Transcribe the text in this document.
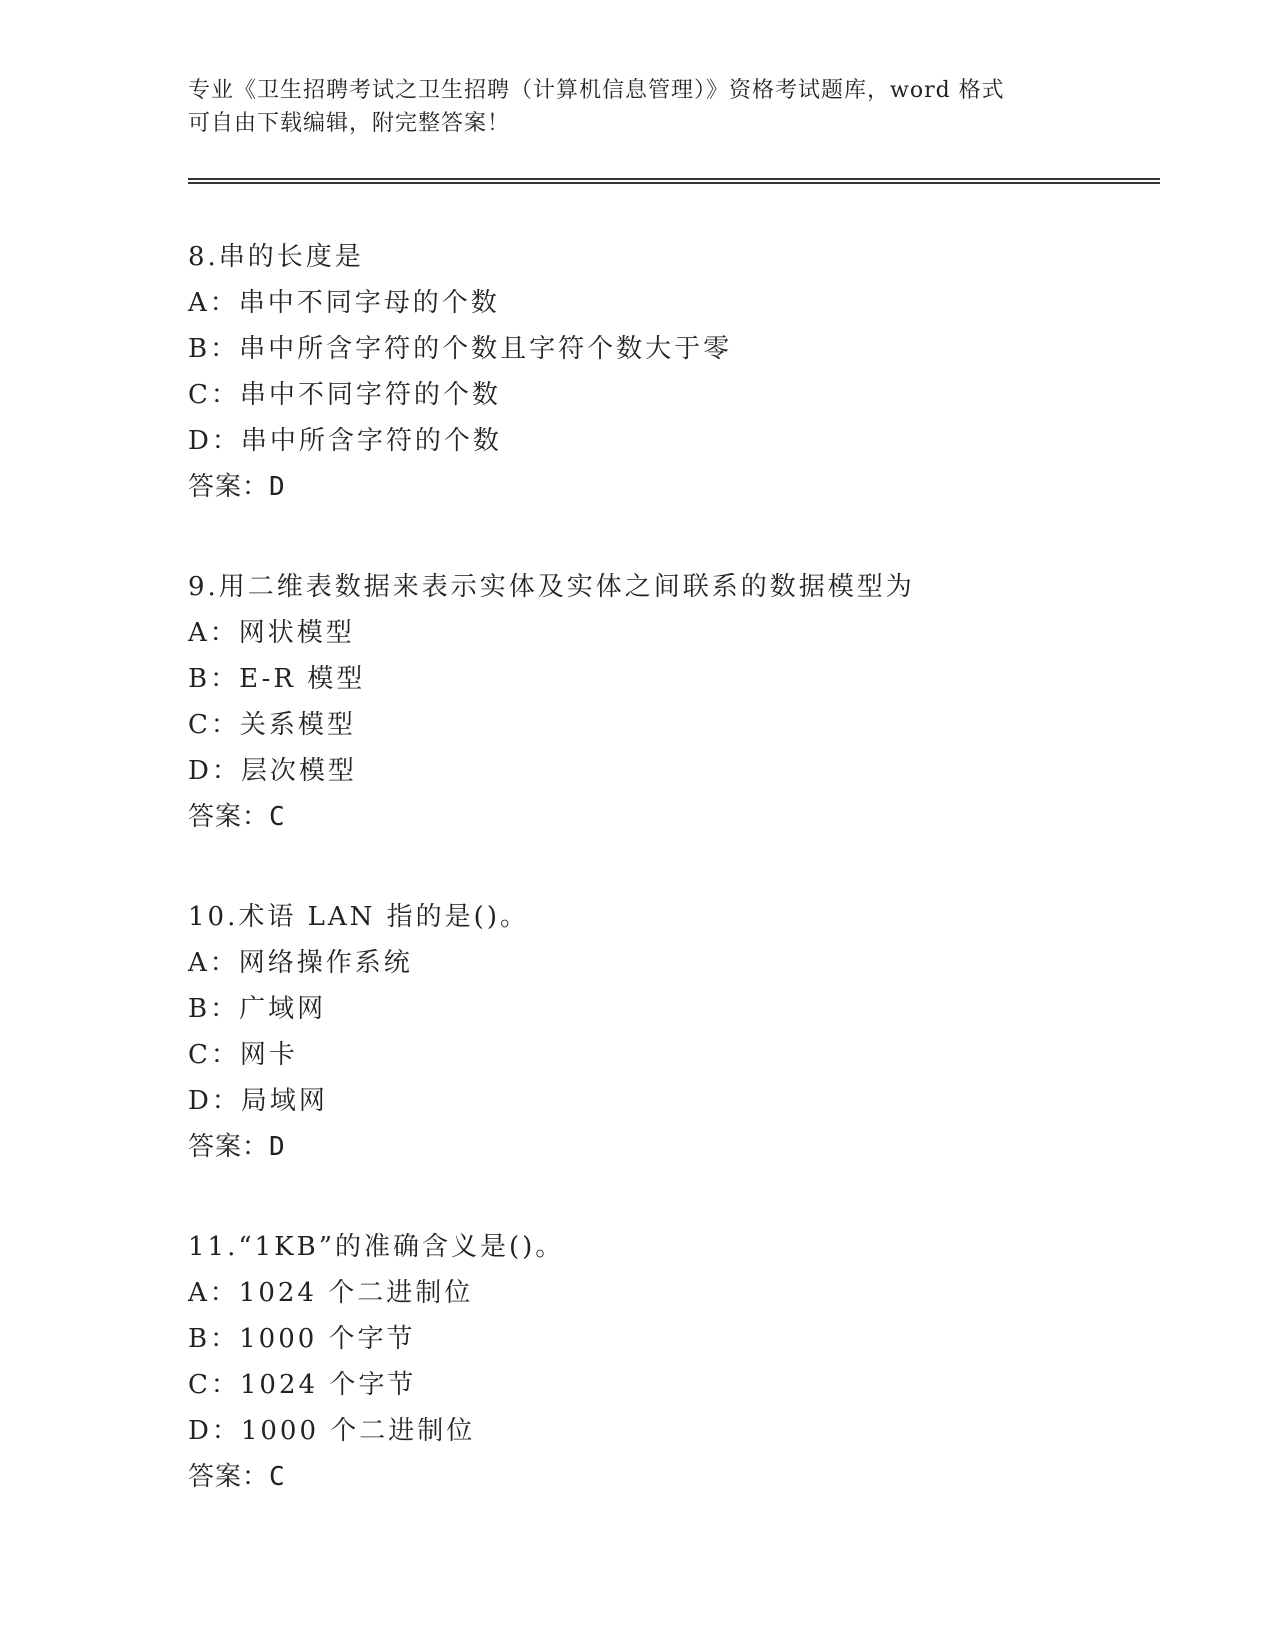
专业《卫生招聘考试之卫生招聘（计算机信息管理）》资格考试题库，word 格式
可自由下载编辑，附完整答案！
8.串的长度是
A：串中不同字母的个数
B：串中所含字符的个数且字符个数大于零
C：串中不同字符的个数
D：串中所含字符的个数
答案：D
9.用二维表数据来表示实体及实体之间联系的数据模型为
A：网状模型
B：E-R 模型
C：关系模型
D：层次模型
答案：C
10.术语 LAN 指的是()。
A：网络操作系统
B：广域网
C：网卡
D：局域网
答案：D
11.“1KB”的准确含义是()。
A：1024 个二进制位
B：1000 个字节
C：1024 个字节
D：1000 个二进制位
答案：C
